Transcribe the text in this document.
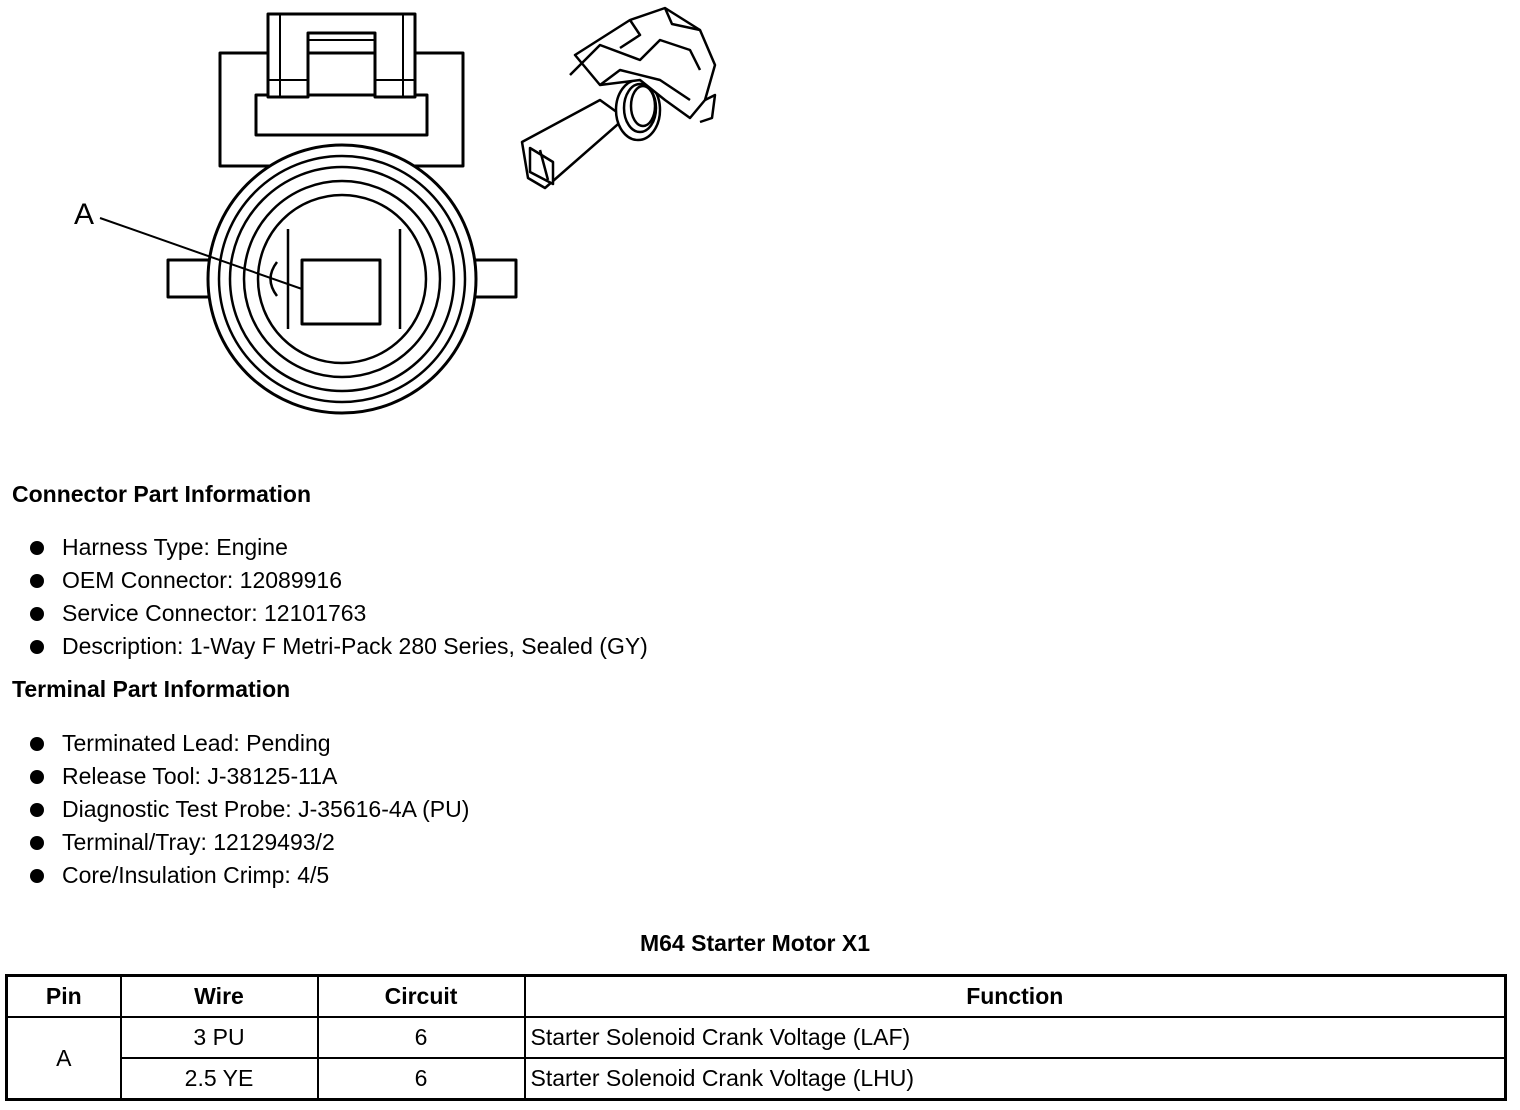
A
Connector Part Information
Harness Type: Engine
OEM Connector: 12089916
Service Connector: 12101763
Description: 1-Way F Metri-Pack 280 Series, Sealed (GY)
Terminal Part Information
Terminated Lead: Pending
Release Tool: J-38125-11A
Diagnostic Test Probe: J-35616-4A (PU)
Terminal/Tray: 12129493/2
Core/Insulation Crimp: 4/5
M64 Starter Motor X1
Pin	Wire	Circuit	Function
A	3 PU	6	Starter Solenoid Crank Voltage (LAF)
	2.5 YE	6	Starter Solenoid Crank Voltage (LHU)
